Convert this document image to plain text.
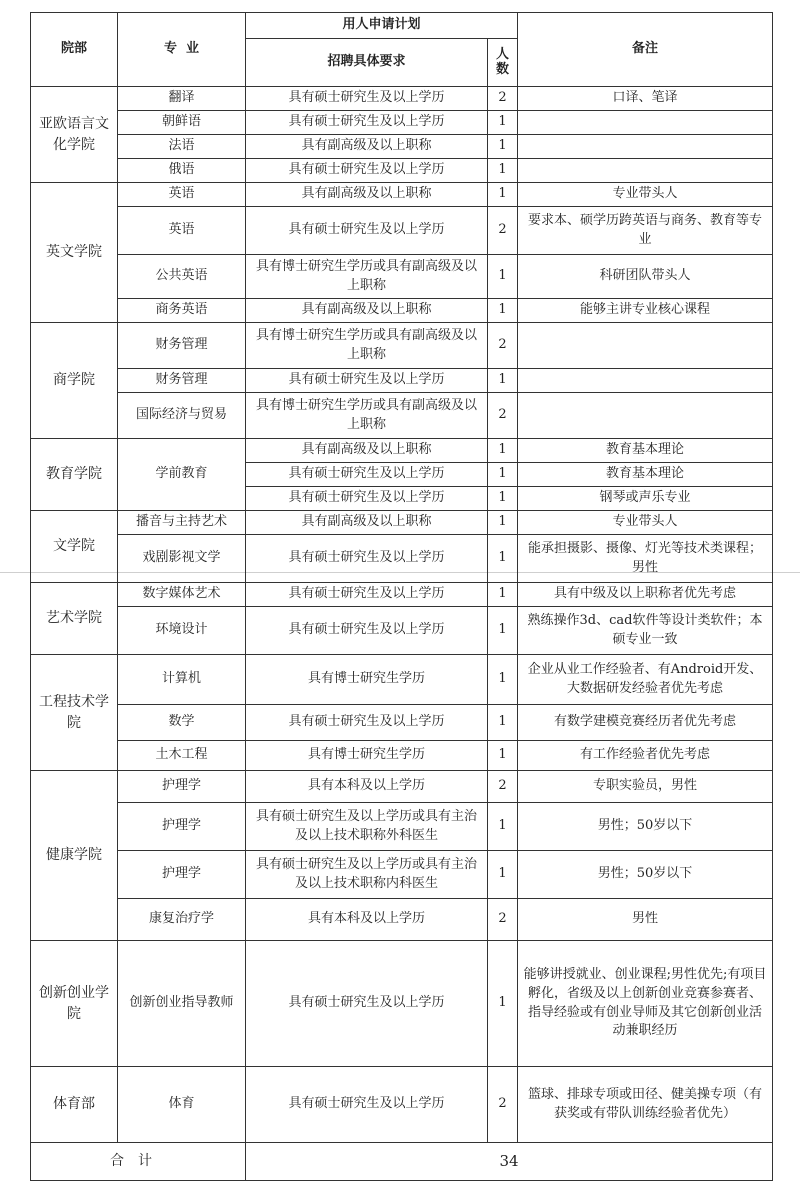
院部	专  业	用人申请计划		备注
		招聘具体要求	人
数	
亚欧语言文化学院	翻译	具有硕士研究生及以上学历	2	口译、笔译
	朝鲜语	具有硕士研究生及以上学历	1	
	法语	具有副高级及以上职称	1	
	俄语	具有硕士研究生及以上学历	1	
英文学院	英语	具有副高级及以上职称	1	专业带头人
	英语	具有硕士研究生及以上学历	2	要求本、硕学历跨英语与商务、教育等专业
	公共英语	具有博士研究生学历或具有副高级及以上职称	1	科研团队带头人
	商务英语	具有副高级及以上职称	1	能够主讲专业核心课程
商学院	财务管理	具有博士研究生学历或具有副高级及以上职称	2	
	财务管理	具有硕士研究生及以上学历	1	
	国际经济与贸易	具有博士研究生学历或具有副高级及以上职称	2	
教育学院	学前教育	具有副高级及以上职称	1	教育基本理论
		具有硕士研究生及以上学历	1	教育基本理论
		具有硕士研究生及以上学历	1	钢琴或声乐专业
文学院	播音与主持艺术	具有副高级及以上职称	1	专业带头人
	戏剧影视文学	具有硕士研究生及以上学历	1	能承担摄影、摄像、灯光等技术类课程；男性
艺术学院	数字媒体艺术	具有硕士研究生及以上学历	1	具有中级及以上职称者优先考虑
	环境设计	具有硕士研究生及以上学历	1	熟练操作3d、cad软件等设计类软件；本硕专业一致
工程技术学院	计算机	具有博士研究生学历	1	企业从业工作经验者、有Android开发、大数据研发经验者优先考虑
	数学	具有硕士研究生及以上学历	1	有数学建模竞赛经历者优先考虑
	土木工程	具有博士研究生学历	1	有工作经验者优先考虑
健康学院	护理学	具有本科及以上学历	2	专职实验员，男性
	护理学	具有硕士研究生及以上学历或具有主治及以上技术职称外科医生	1	男性；50岁以下
	护理学	具有硕士研究生及以上学历或具有主治及以上技术职称内科医生	1	男性；50岁以下
	康复治疗学	具有本科及以上学历	2	男性
创新创业学院	创新创业指导教师	具有硕士研究生及以上学历	1	能够讲授就业、创业课程;男性优先;有项目孵化，省级及以上创新创业竞赛参赛者、指导经验或有创业导师及其它创新创业活动兼职经历
体育部	体育	具有硕士研究生及以上学历	2	篮球、排球专项或田径、健美操专项（有获奖或有带队训练经验者优先）
合计		34		
